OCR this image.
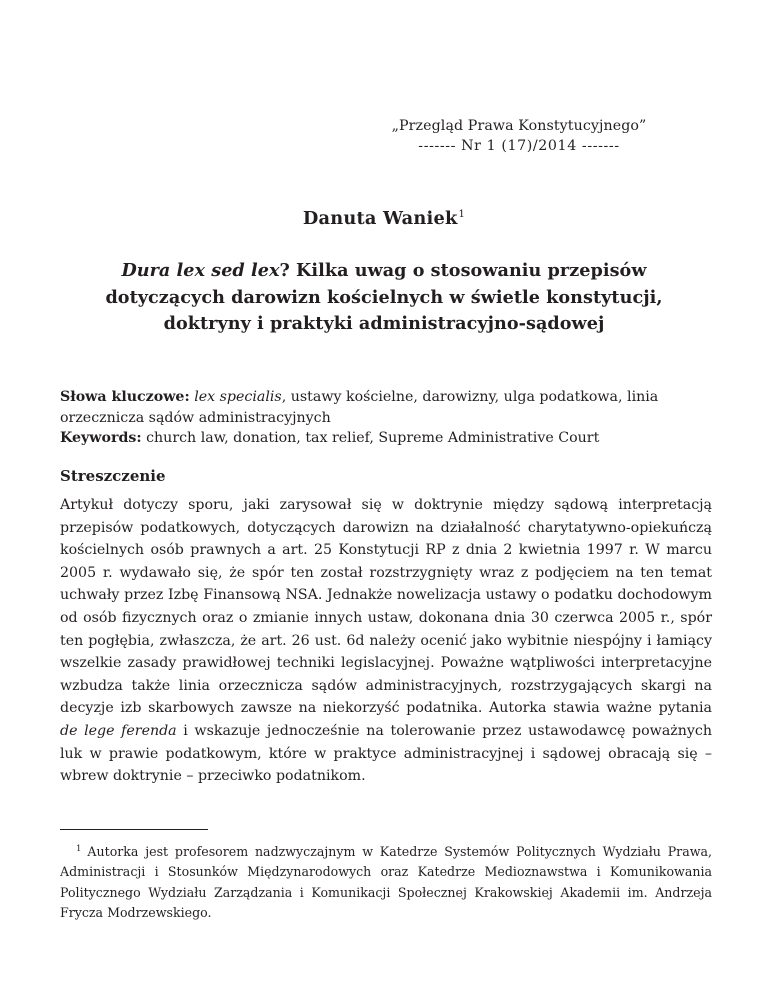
„Przegląd Prawa Konstytucyjnego”
------- Nr 1 (17)/2014 -------
Danuta Waniek$^1$
Dura lex sed lex? Kilka uwag o stosowaniu przepisów
dotyczących darowizn kościelnych w świetle konstytucji,
doktryny i praktyki administracyjno-sądowej
Słowa kluczowe: lex specialis, ustawy kościelne, darowizny, ulga podatkowa, linia orzecznicza sądów administracyjnych
Keywords: church law, donation, tax relief, Supreme Administrative Court
Streszczenie
Artykuł dotyczy sporu, jaki zarysował się w doktrynie między sądową interpretacją przepisów podatkowych, dotyczących darowizn na działalność charytatywno-opiekuńczą kościelnych osób prawnych a art. 25 Konstytucji RP z dnia 2 kwietnia 1997 r. W marcu 2005 r. wydawało się, że spór ten został rozstrzygnięty wraz z podjęciem na ten temat uchwały przez Izbę Finansową NSA. Jednakże nowelizacja ustawy o podatku dochodowym od osób fizycznych oraz o zmianie innych ustaw, dokonana dnia 30 czerwca 2005 r., spór ten pogłębia, zwłaszcza, że art. 26 ust. 6d należy ocenić jako wybitnie niespójny i łamiący wszelkie zasady prawidłowej techniki legislacyjnej. Poważne wątpliwości interpretacyjne wzbudza także linia orzecznicza sądów administracyjnych, rozstrzygających skargi na decyzje izb skarbowych zawsze na niekorzyść podatnika. Autorka stawia ważne pytania de lege ferenda i wskazuje jednocześnie na tolerowanie przez ustawodawcę poważnych luk w prawie podatkowym, które w praktyce administracyjnej i sądowej obracają się – wbrew doktrynie – przeciwko podatnikom.
$^1$ Autorka jest profesorem nadzwyczajnym w Katedrze Systemów Politycznych Wydziału Prawa, Administracji i Stosunków Międzynarodowych oraz Katedrze Medioznawstwa i Komunikowania Politycznego Wydziału Zarządzania i Komunikacji Społecznej Krakowskiej Akademii im. Andrzeja Frycza Modrzewskiego.
